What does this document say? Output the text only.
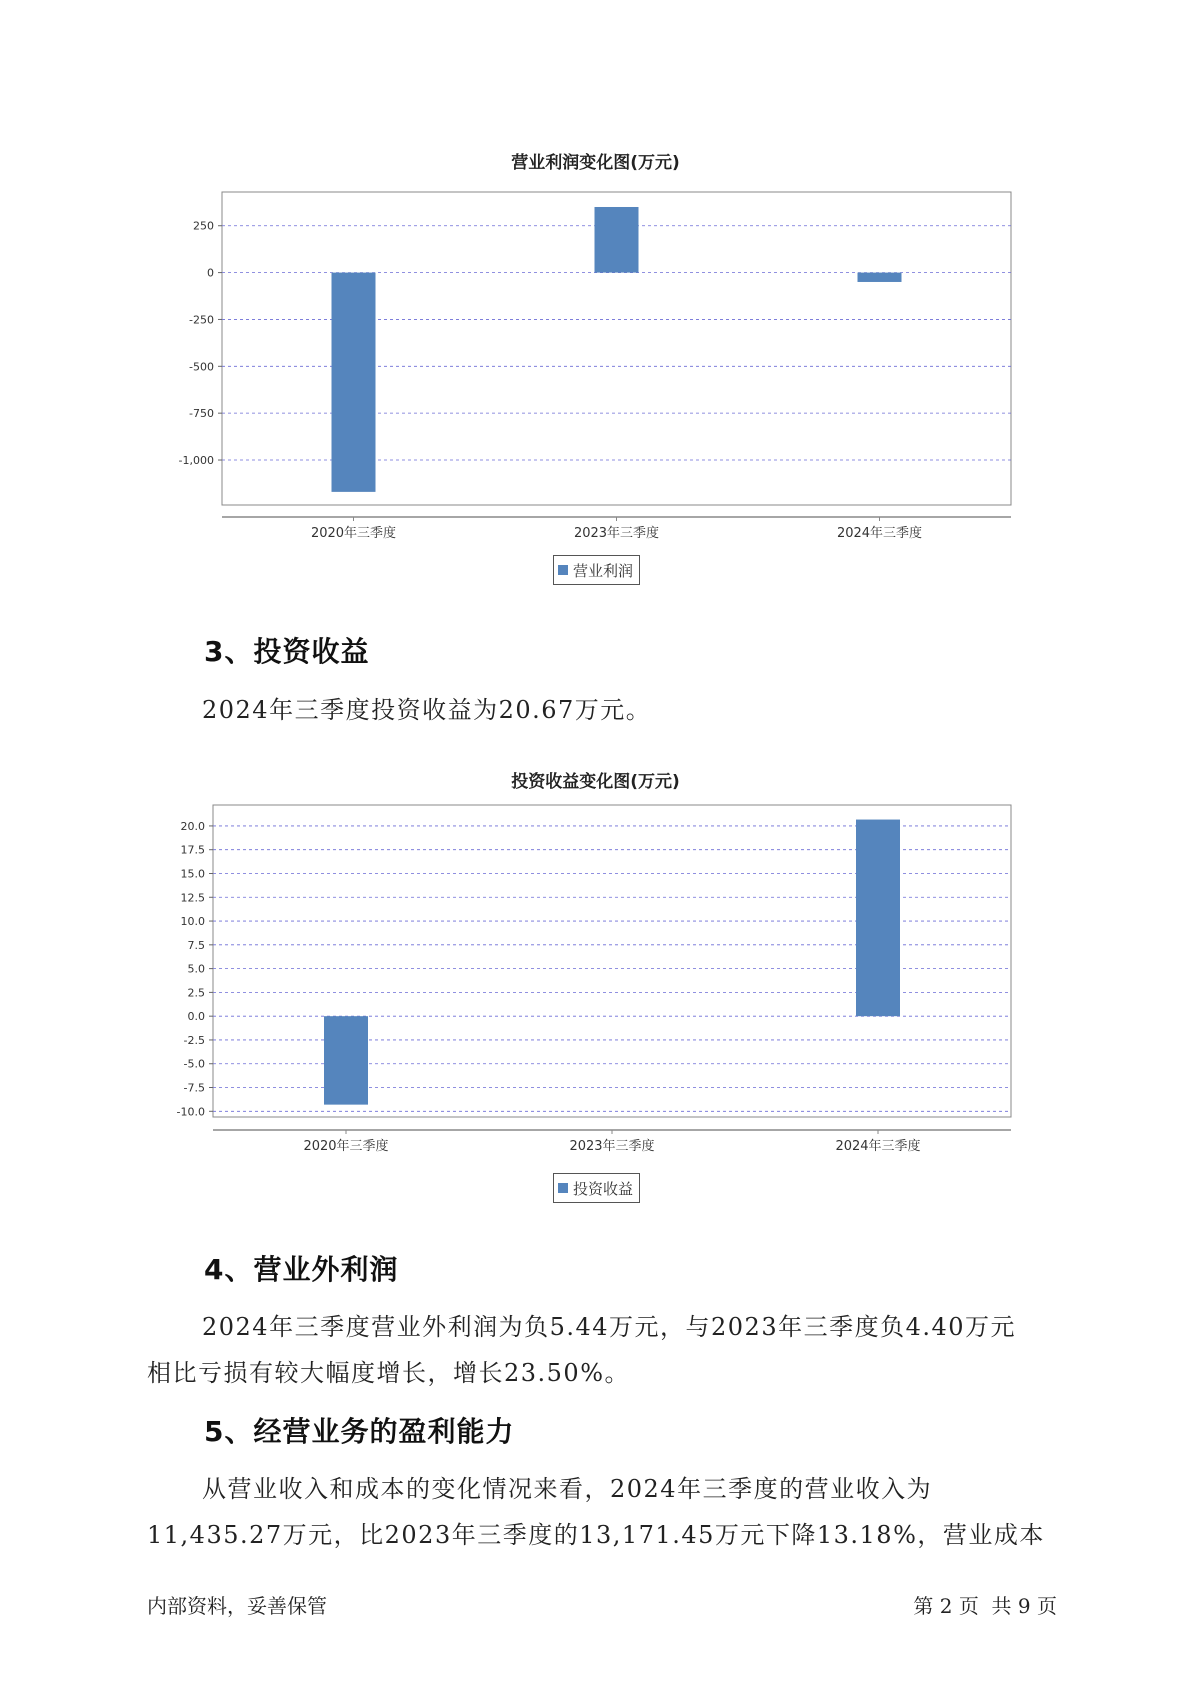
营业利润变化图(万元)
250
0
-250
-500
-750
-1,000
2020年三季度	2023年三季度	2024年三季度
营业利润
3、投资收益
2024年三季度投资收益为20.67万元。
投资收益变化图(万元)
20.0
17.5
15.0
12.5
10.0
7.5
5.0
2.5
0.0
-2.5
-5.0
-7.5
-10.0
2020年三季度	2023年三季度	2024年三季度
投资收益
4、营业外利润
2024年三季度营业外利润为负5.44万元，与2023年三季度负4.40万元
相比亏损有较大幅度增长，增长23.50%。
5、经营业务的盈利能力
从营业收入和成本的变化情况来看，2024年三季度的营业收入为
11,435.27万元，比2023年三季度的13,171.45万元下降13.18%，营业成本
内部资料，妥善保管	第 2 页  共 9 页
